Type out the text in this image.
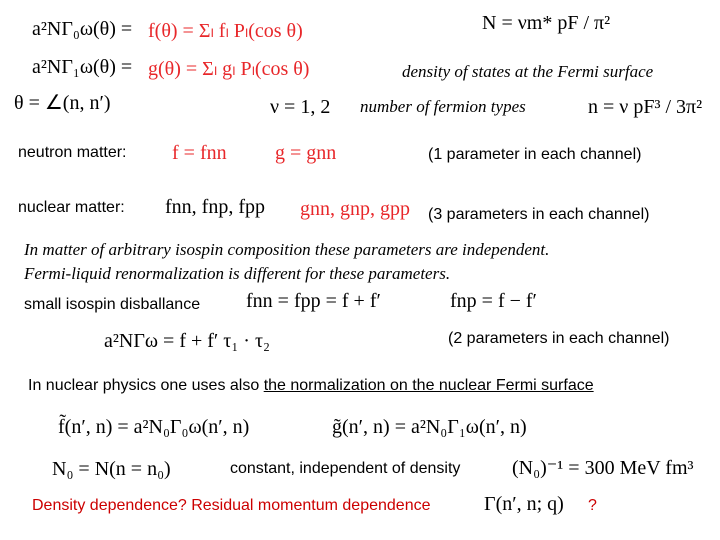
a²NΓ₀ω(θ) = f(θ) = Σₗ fₗ Pₗ(cos θ)	N = νm* pF / π²
a²NΓ₁ω(θ) = g(θ) = Σₗ gₗ Pₗ(cos θ)	density of states at the Fermi surface
θ = ∠(n, n′)	ν = 1, 2 number of fermion types	n = ν pF³ / 3π²
neutron matter: f = fnn g = gnn	(1 parameter in each channel)
nuclear matter: fnn, fnp, fpp gnn, gnp, gpp (3 parameters in each channel)
In matter of arbitrary isospin composition these parameters are independent.
Fermi-liquid renormalization is different for these parameters.
small isospin disballance fnn = fpp = f + f′	fnp = f − f′
a²NΓω = f + f′ τ₁ · τ₂	(2 parameters in each channel)
In nuclear physics one uses also the normalization on the nuclear Fermi surface
f̃(n′, n) = a²N₀Γ₀ω(n′, n)	g̃(n′, n) = a²N₀Γ₁ω(n′, n)
N₀ = N(n = n₀)	constant, independent of density	(N₀)⁻¹ = 300 MeV fm³
Density dependence? Residual momentum dependence	Γ(n′, n; q) ?
